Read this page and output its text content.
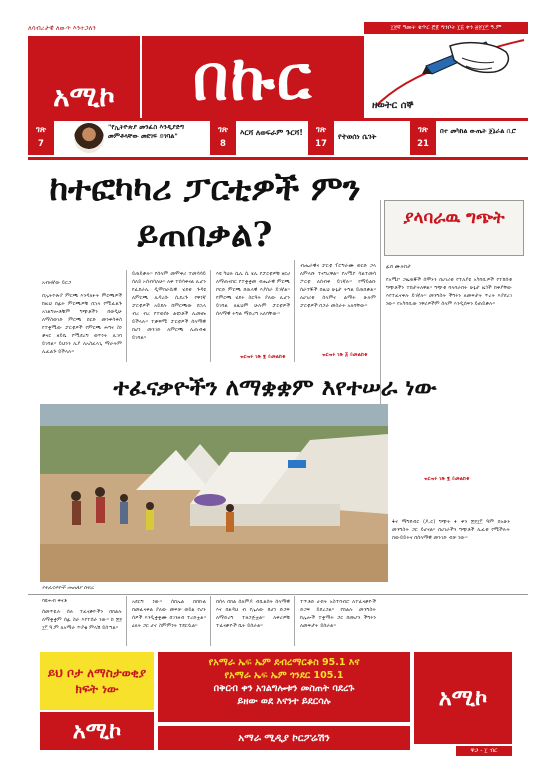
ለሳብረታዊ ለውጥ እንተጋለን	፲፻ኛ ዓመት ቁጥር ፸፩ ግንቦት ፲፭ ቀን ፳፻፲፫ ዓ.ም
አሚኮ	በኩር	ዘወትር ሰኞ
ገጽ
7
"የኢትዮጵያ መንፈስ እንዲያድግ መምቶላቸው መደገፍ ይገባል"
ገጽ
8
እርሻ ለወፍራም ጉርሻ!	ገጽ
17
የተወሰነ ሴገት
ገጽ
21
በተ መካከል ውጤት ጀኔራል ቢሮ
ከተፎካካሪ ፓርቲዎች ምን ይጠበቃል?	ያላባራዉ ግጭት
አብዛኛው ይርጋ
በኢትዮጵያ ምርጫ እንዳለፉት ምርጫዎች ከዚህ በፊት ምርጫዎቹ በኋላ የሚፈልጉ አገልግሎቶቹም ግጭቶችን ከወዲሁ ለማስወገድ ምርጫ በርድ መንቀሳቀስ የተቋሚው ፓርቲዎች የምርጫ ሕግና ስነ ቃናር ዘይቤ የሚደረግ ወጥነት ሊገባ ይገባል። ይህንን ሊያ ለአስፈላጊ ማራትም ሊፈልጉ ይችላሉ።
ይጠይቃሉ፡፡ የሰላም መሞቀሪ ተመሳሳይ ሰለይ ኦሰብሳለሁ። ለቀ ተሰሳቀናል ሊሆን የፈደራሊ ዲሞክራሲዊ ሂደቱ ጉዳዩ ለምርጫ ሊዳረሱ ሲደረጉ የዋነኛ ፓርቲዎች አይደሉ ከምርጫው በኋላ ብረ ብረ የተወሰኑ ልዩነቶች ሊመጡ ይችላሉ። ተቃዋሚ ፓርቲዎች ሰላማዊ በሆነ መንገድ ለምርጫ ሊጠብቁ ይገባል።
እዩ ካህሉ ሴሊ ሲ ሂሊ የፓርቲዎቹ ዘርሀ ለማጠናከር የተቋቋመ ብሔራዊ ምርጫ ቦርድ ምርጫ ከዉላዊ እያሰራ ይገኛል። የምርጫ ሂደት ስርዓት ያለው ሊሆን ይገባል ለዚህም ሁሉም ፓርቲዎች ሰላማዊ ትግል ማድረግ አለባቸው።
ዝርዝሩ ገጽ ፮ ይመልከቱ
ብሔራዊና ፓርቲ ፕሮግራሙ ወርድ ጋላ ለምላሹ ተናግረዋል። የአሚኮ ሳልተመሳ ፖርቲ ለሰብቀ ይገኛሉ። የማይልኩ ሰራተኞች በዚህ ሁኔታ ትግል ይጠበቃል። ለሀገሪቱ ሰላምና ልማት ሁሉም ፓርቲዎች በጋራ መስራት አለባቸው።
ዝርዝሩ ገጽ ፭ ይመልከቱ
ፊሸ ሙሉከታ
የአሚኮ ጋዜጠኞች ሰሞኑን በሀገሪቱ የተለያዩ አካባቢዎች የተከሰቱ ግጭቶችን ተከታትለዋል። ግጭቱ ባላባራበት ሁኔታ ዜጎች ከቀያቸው እየተፈናቀሉ ይገኛሉ። መንግስት ችግሩን ለመፍታት ጥረት እያደረገ ነው። የአካባቢው ነዋሪዎችም ሰላም እንዲሰፍን ይጠይቃሉ።
ዝርዝሩ ገጽ ፮ ይመልከቱ
ፋና ማግደብር (ዶ.ር) ግጭት ፉ ቀን ፳፻፲፫ ዓም በአሁኑ መንግስት ጋር ይሆናል። በሀገራችን ግጭቶች ሊፈቱ የሚችሉት በውይይትና በሰላማዊ መንገድ ብቻ ነው።
ተፈናቃዮችን ለማቋቋም እየተሠራ ነው
የተፈናቃዮች መጠለያ ስፍራ
ባዩሐብ ቀናቶ
ሰመጥዬሉ ሰሉ ተፈናቃዮችን በክልሉ ለማቋቋም ሰፊ ስራ እየተሰራ ነው። ከ ፳፻ ፲፫ ዓ.ም ለአማራ ጥያቄ ምላሽ ይሰጣል።
አደርግ ነው። ሰበኤል በበኩል በመፈናቀል ያለው መፍቻ ወይል የሆኑ ሰዎች እንዲቋቋሙ በገንዘብ ተረድቷል። ዕለት ጋር ሆኖ ስምምነት ተደርሷል።
በሰላ በክል ሰለምዶ ብኪልሰት ሰላማዊ እና በልዳህ ብ የሌለው ከሆነ ድጋፍ ለማድረግ ተዘጋጅቷል። ለቀሪዎቹ ተፈናቃዮች ቤት ይሰራል።
ተጥቶድ ሀብት አስተባብሮ ለተፈናቃዮች ድጋፍ ይደረጋል። የክልሉ መንግስት ከሌሎች ተቋማት ጋር በመሆን ችግሩን ለመፍታት ይሰራል።
ይህ ቦታ ለማስታወቂያ ክፍት ነው
አሚኮ
የአማራ ኤፍ ኤም ደብረማርቆስ 95.1 እና
የአማራ ኤፍ ኤም ጎንደር 105.1
በቅርብ ቀን አገልግሎቱን መስጠት ባደረጉ
ይዘው ወደ እናንተ ይደርሳሉ
አማራ ሚዲያ ኮርፖሬሽን
አሚኮ
ዋጋ - ፲ ብር
